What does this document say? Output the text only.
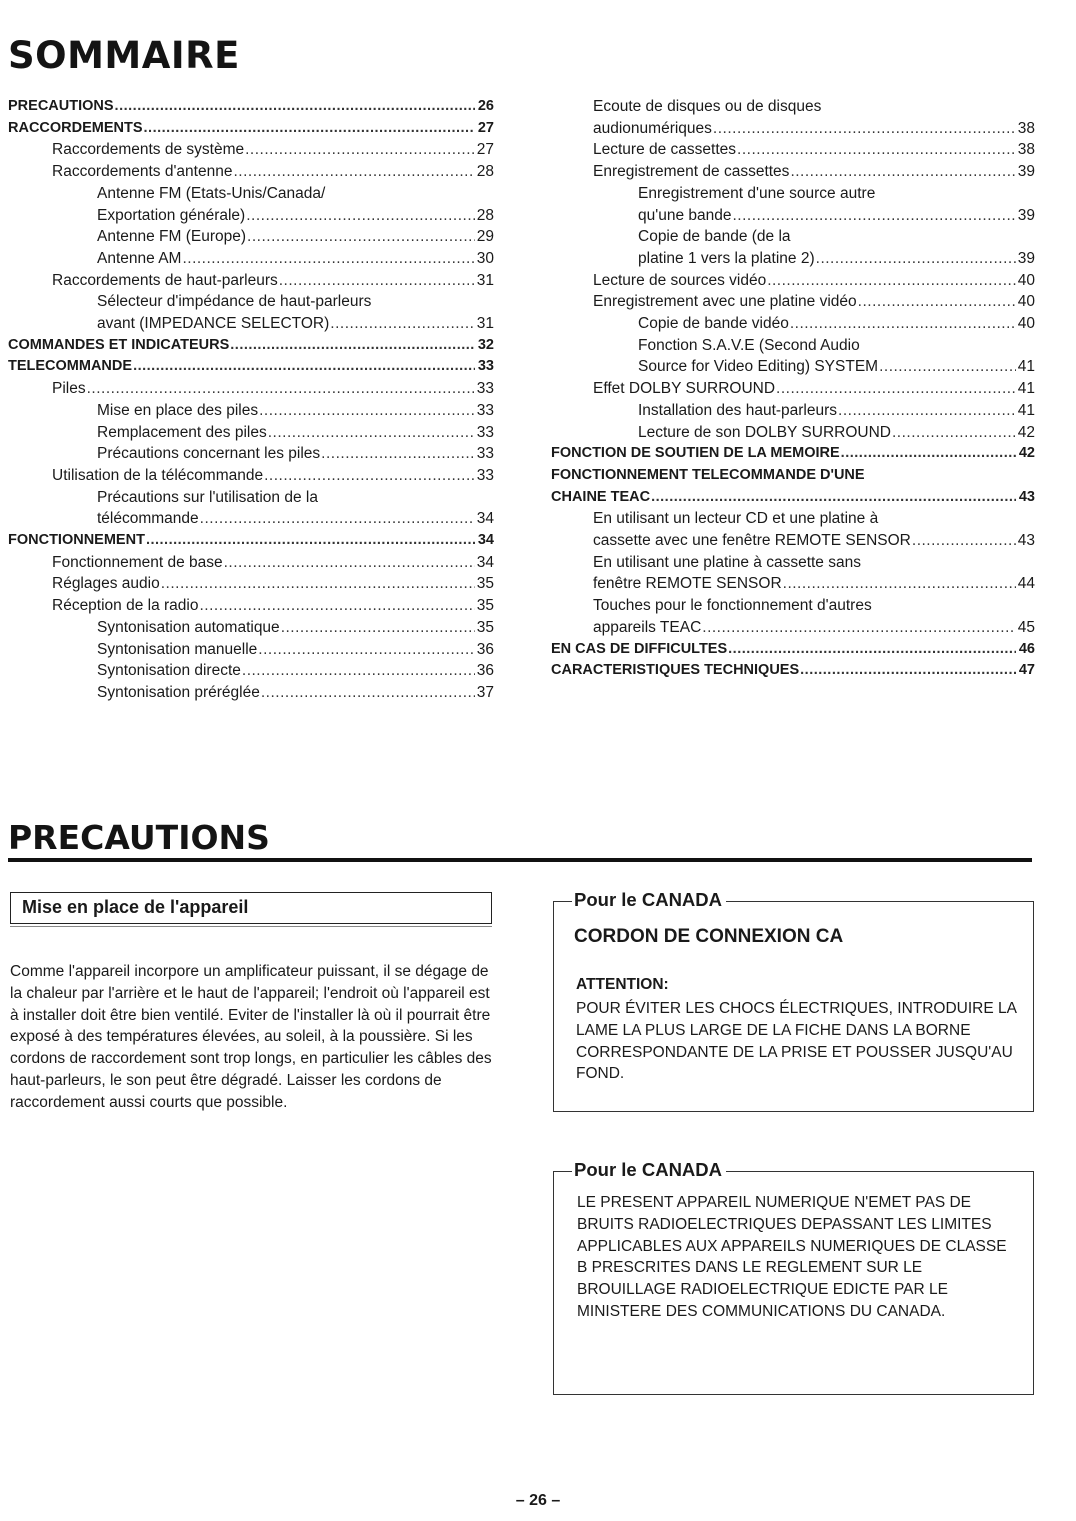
SOMMAIRE
PRECAUTIONS .....	26
RACCORDEMENTS .....	27
Raccordements de système .....	27
Raccordements d'antenne .....	28
Antenne FM (Etats-Unis/Canada/
Exportation générale) .....	28
Antenne FM (Europe) .....	29
Antenne AM .....	30
Raccordements de haut-parleurs .....	31
Sélecteur d'impédance de haut-parleurs
avant (IMPEDANCE SELECTOR) .....	31
COMMANDES ET INDICATEURS .....	32
TELECOMMANDE .....	33
Piles .....	33
Mise en place des piles .....	33
Remplacement des piles .....	33
Précautions concernant les piles .....	33
Utilisation de la télécommande .....	33
Précautions sur l'utilisation de la
télécommande .....	34
FONCTIONNEMENT .....	34
Fonctionnement de base .....	34
Réglages audio .....	35
Réception de la radio .....	35
Syntonisation automatique .....	35
Syntonisation manuelle .....	36
Syntonisation directe .....	36
Syntonisation préréglée .....	37
Ecoute de disques ou de disques
audionumériques .....	38
Lecture de cassettes .....	38
Enregistrement de cassettes .....	39
Enregistrement d'une source autre
qu'une bande .....	39
Copie de bande (de la
platine 1 vers la platine 2) .....	39
Lecture de sources vidéo .....	40
Enregistrement avec une platine vidéo .....	40
Copie de bande vidéo .....	40
Fonction S.A.V.E (Second Audio
Source for Video Editing) SYSTEM .....	41
Effet DOLBY SURROUND .....	41
Installation des haut-parleurs .....	41
Lecture de son DOLBY SURROUND .....	42
FONCTION DE SOUTIEN DE LA MEMOIRE .....	42
FONCTIONNEMENT TELECOMMANDE D'UNE
CHAINE TEAC .....	43
En utilisant un lecteur CD et une platine à
cassette avec une fenêtre REMOTE SENSOR .....	43
En utilisant une platine à cassette sans
fenêtre REMOTE SENSOR .....	44
Touches pour le fonctionnement d'autres
appareils TEAC .....	45
EN CAS DE DIFFICULTES .....	46
CARACTERISTIQUES TECHNIQUES .....	47
PRECAUTIONS
Mise en place de l'appareil

Comme l'appareil incorpore un amplificateur puissant, il se dégage de la chaleur par l'arrière et le haut de l'appareil; l'endroit où l'appareil est à installer doit être bien ventilé. Eviter de l'installer là où il pourrait être exposé à des températures élevées, au soleil, à la poussière. Si les cordons de raccordement sont trop longs, en particulier les câbles des haut-parleurs, le son peut être dégradé. Laisser les cordons de raccordement aussi courts que possible.

Pour le CANADA
CORDON DE CONNEXION CA
ATTENTION:
POUR ÉVITER LES CHOCS ÉLECTRIQUES, INTRODUIRE LA LAME LA PLUS LARGE DE LA FICHE DANS LA BORNE CORRESPONDANTE DE LA PRISE ET POUSSER JUSQU'AU FOND.
Pour le CANADA
LE PRESENT APPAREIL NUMERIQUE N'EMET PAS DE BRUITS RADIOELECTRIQUES DEPASSANT LES LIMITES APPLICABLES AUX APPAREILS NUMERIQUES DE CLASSE B PRESCRITES DANS LE REGLEMENT SUR LE BROUILLAGE RADIOELECTRIQUE EDICTE PAR LE MINISTERE DES COMMUNICATIONS DU CANADA.
– 26 –
